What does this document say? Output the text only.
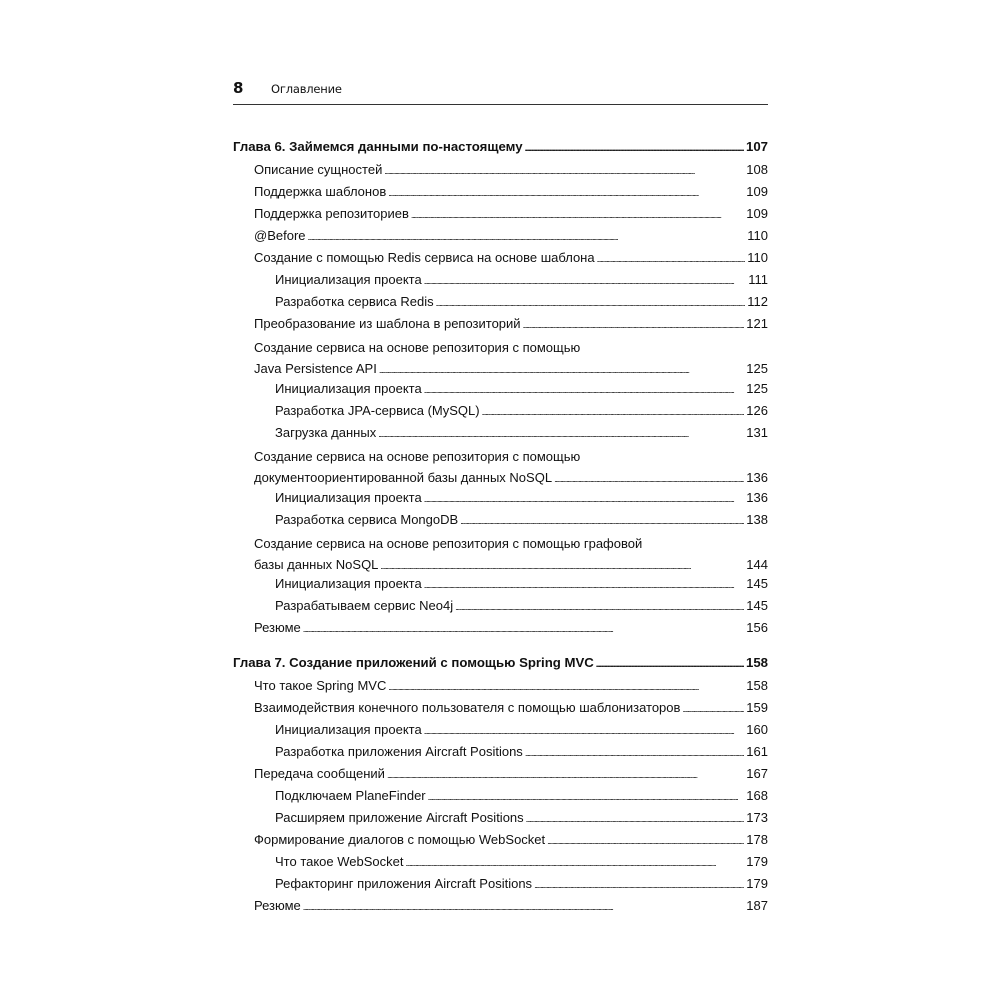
8 Оглавление
Глава 6. Займемся данными по-настоящему . . .	107
Описание сущностей . . .	108
Поддержка шаблонов . . .	109
Поддержка репозиториев . . .	109
@Before . . .	110
Создание с помощью Redis сервиса на основе шаблона . . .	110
Инициализация проекта . . .	111
Разработка сервиса Redis . . .	112
Преобразование из шаблона в репозиторий . . .	121
Создание сервиса на основе репозитория с помощью
Java Persistence API . . .	125
Инициализация проекта . . .	125
Разработка JPA-сервиса (MySQL) . . .	126
Загрузка данных . . .	131
Создание сервиса на основе репозитория с помощью
документоориентированной базы данных NoSQL . . .	136
Инициализация проекта . . .	136
Разработка сервиса MongoDB . . .	138
Создание сервиса на основе репозитория с помощью графовой
базы данных NoSQL . . .	144
Инициализация проекта . . .	145
Разрабатываем сервис Neo4j . . .	145
Резюме . . .	156
Глава 7. Создание приложений с помощью Spring MVC . . .	158
Что такое Spring MVC . . .	158
Взаимодействия конечного пользователя с помощью шаблонизаторов . . .	159
Инициализация проекта . . .	160
Разработка приложения Aircraft Positions . . .	161
Передача сообщений . . .	167
Подключаем PlaneFinder . . .	168
Расширяем приложение Aircraft Positions . . .	173
Формирование диалогов с помощью WebSocket . . .	178
Что такое WebSocket . . .	179
Рефакторинг приложения Aircraft Positions . . .	179
Резюме . . .	187
